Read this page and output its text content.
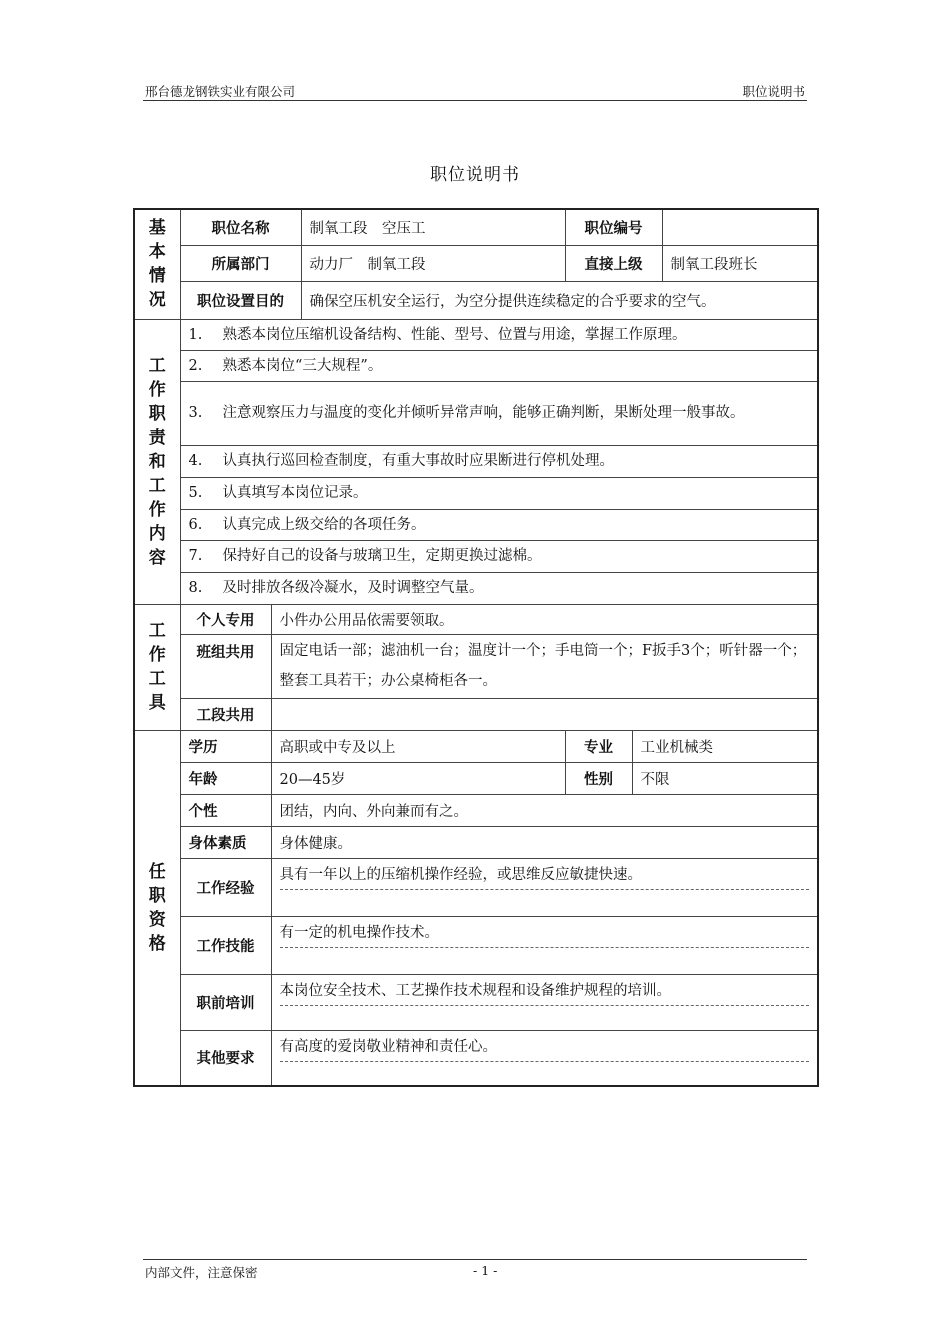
邢台德龙钢铁实业有限公司	职位说明书
职位说明书
基本情况	职位名称		制氧工段　空压工	职位编号		
	所属部门		动力厂　制氧工段	直接上级		制氧工段班长
	职位设置目的		确保空压机安全运行，为空分提供连续稳定的合乎要求的空气。			
工作职责和工作内容	1. 熟悉本岗位压缩机设备结构、性能、型号、位置与用途，掌握工作原理。					
	2. 熟悉本岗位“三大规程”。					
	3. 注意观察压力与温度的变化并倾听异常声响，能够正确判断，果断处理一般事故。					
	4. 认真执行巡回检查制度，有重大事故时应果断进行停机处理。					
	5. 认真填写本岗位记录。					
	6. 认真完成上级交给的各项任务。					
	7. 保持好自己的设备与玻璃卫生，定期更换过滤棉。					
	8. 及时排放各级冷凝水，及时调整空气量。					
工作工具	个人专用	小件办公用品依需要领取。				
	班组共用	固定电话一部；滤油机一台；温度计一个；手电筒一个；F扳手3个；听针器一个；整套工具若干；办公桌椅柜各一。				
	工段共用					
任职资格	学历	高职或中专及以上		专业	工业机械类	
	年龄	20—45岁		性别	不限	
	个性	团结，内向、外向兼而有之。				
	身体素质	身体健康。				
	工作经验	具有一年以上的压缩机操作经验，或思维反应敏捷快速。				

	工作技能	有一定的机电操作技术。				

	职前培训	本岗位安全技术、工艺操作技术规程和设备维护规程的培训。				

	其他要求	有高度的爱岗敬业精神和责任心。				
内部文件，注意保密	- 1 -
